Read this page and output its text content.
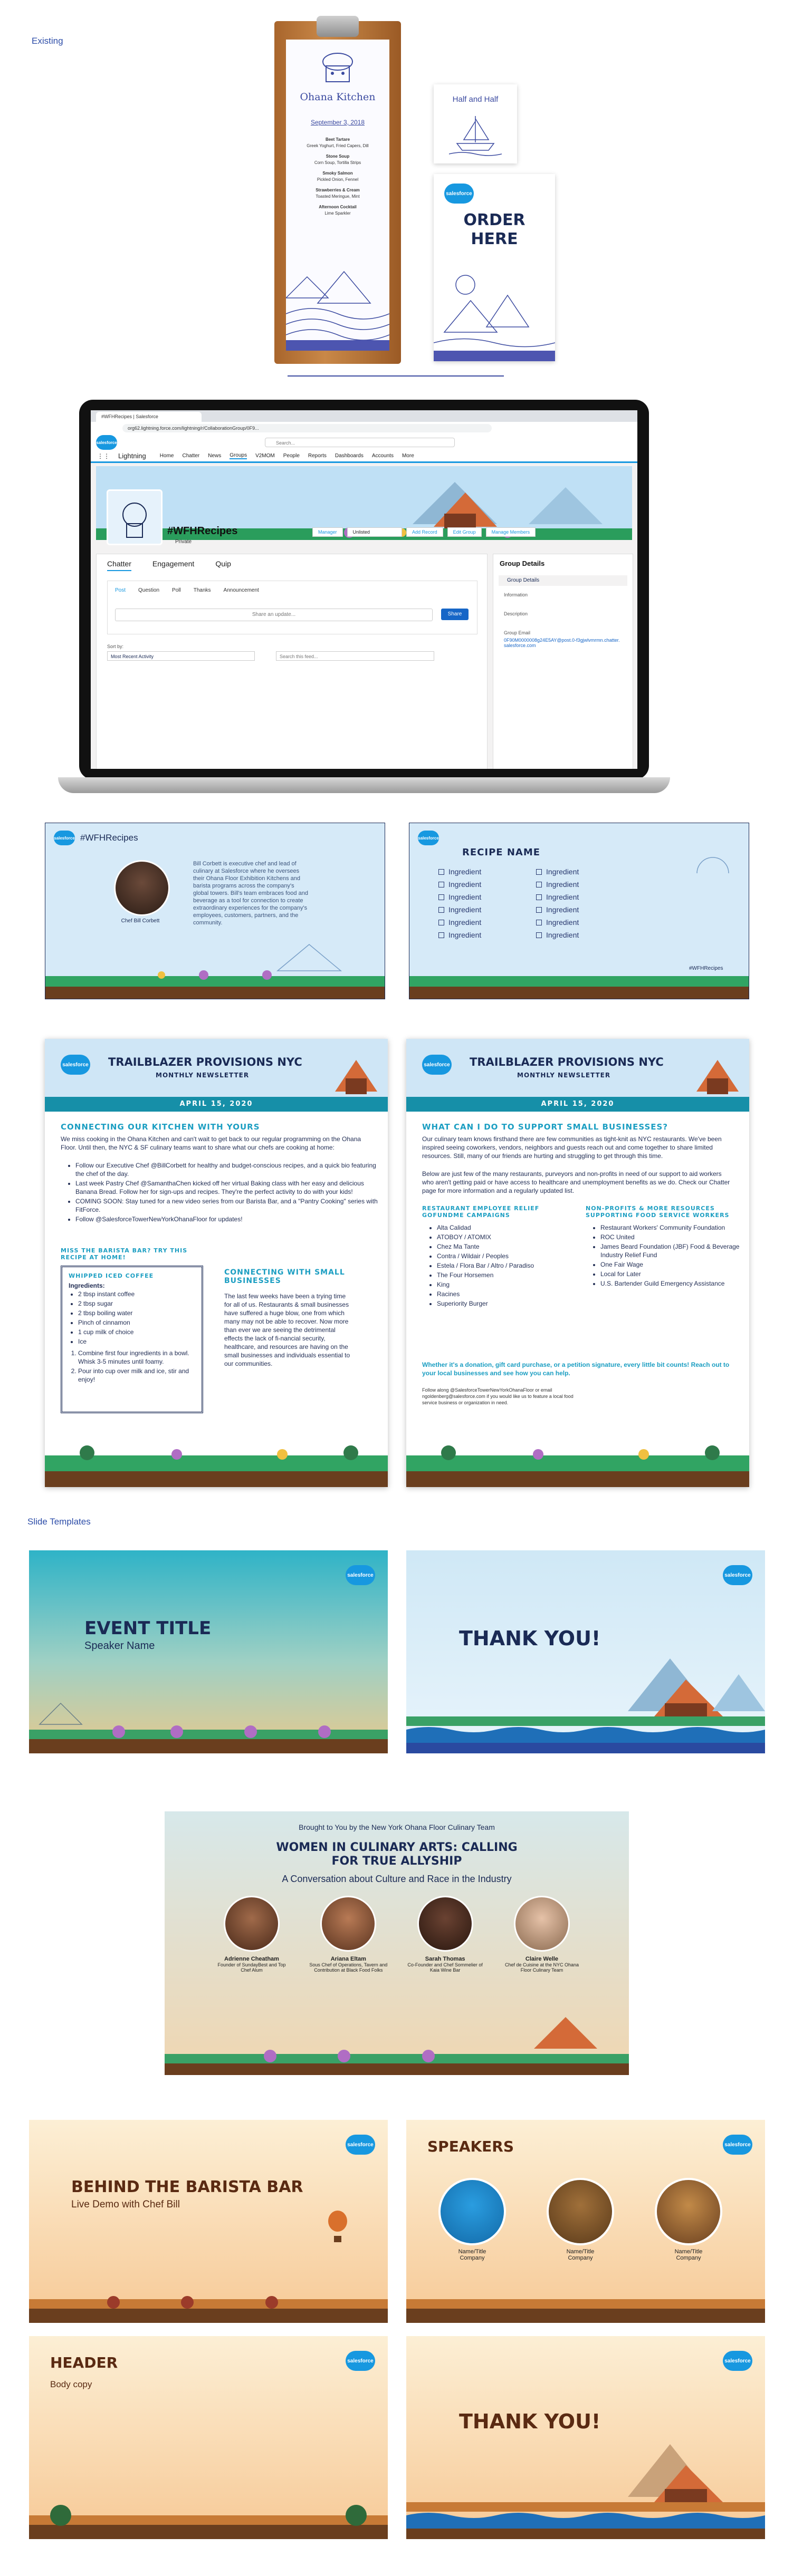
Existing
Ohana Kitchen
September 3, 2018
Beet Tartare
Greek Yoghurt, Fried Capers, Dill
Stone Soup
Corn Soup, Tortilla Strips
Smoky Salmon
Pickled Onion, Fennel
Strawberries & Cream
Toasted Meringue, Mint
Afternoon Cocktail
Lime Sparkler
Half and Half
salesforce
ORDER HERE
#WFHRecipes | Salesforce
org62.lightning.force.com/lightning/r/CollaborationGroup/0F9...
salesforce	Search...
⋮⋮ Lightning	Home Chatter News Groups V2MOM People Reports Dashboards Accounts More
#WFHRecipes
Private
Manager	Unlisted	Add Record	Edit Group	Manage Members
Chatter	Engagement	Quip
Post Question Poll Thanks Announcement
Share an update...	Share
Sort by:
Most Recent Activity	Search this feed...
Group Details
Group Details
Information
Description
Group Email
0F90M0000008g24E5AY@post.0-f3gjwlvmrmn.chatter.salesforce.com
salesforce #WFHRecipes
Chef Bill Corbett
Bill Corbett is executive chef and lead of culinary at Salesforce where he oversees their Ohana Floor Exhibition Kitchens and barista programs across the company's global towers. Bill's team embraces food and beverage as a tool for connection to create extraordinary experiences for the company's employees, customers, partners, and the community.
salesforce
RECIPE NAME
Ingredient
Ingredient
Ingredient
Ingredient
Ingredient
Ingredient
Ingredient
Ingredient
Ingredient
Ingredient
Ingredient
Ingredient
#WFHRecipes
salesforce TRAILBLAZER PROVISIONS NYC
MONTHLY NEWSLETTER
APRIL 15, 2020
CONNECTING OUR KITCHEN WITH YOURS
We miss cooking in the Ohana Kitchen and can't wait to get back to our regular programming on the Ohana Floor. Until then, the NYC & SF culinary teams want to share what our chefs are cooking at home:
• Follow our Executive Chef @BillCorbett for healthy and budget-conscious recipes, and a quick bio featuring the chef of the day.
• Last week Pastry Chef @SamanthaChen kicked off her virtual Baking class with her easy and delicious Banana Bread. Follow her for sign-ups and recipes. They're the perfect activity to do with your kids!
• COMING SOON: Stay tuned for a new video series from our Barista Bar, and a "Pantry Cooking" series with FitForce.
• Follow @SalesforceTowerNewYorkOhanaFloor for updates!
MISS THE BARISTA BAR? TRY THIS RECIPE AT HOME!
WHIPPED ICED COFFEE
Ingredients:
• 2 tbsp instant coffee
• 2 tbsp sugar
• 2 tbsp boiling water
• Pinch of cinnamon
• 1 cup milk of choice
• Ice
1. Combine first four ingredients in a bowl. Whisk 3-5 minutes until foamy.
2. Pour into cup over milk and ice, stir and enjoy!
CONNECTING WITH SMALL BUSINESSES
The last few weeks have been a trying time for all of us. Restaurants & small businesses have suffered a huge blow, one from which many may not be able to recover. Now more than ever we are seeing the detrimental effects the lack of fi-nancial security, healthcare, and resources are having on the small businesses and individuals essential to our communities.
salesforce TRAILBLAZER PROVISIONS NYC
MONTHLY NEWSLETTER
APRIL 15, 2020
WHAT CAN I DO TO SUPPORT SMALL BUSINESSES?
Our culinary team knows firsthand there are few communities as tight-knit as NYC restaurants. We've been inspired seeing coworkers, vendors, neighbors and guests reach out and come together to share limited resources. Still, many of our friends are hurting and struggling to get through this time.
Below are just few of the many restaurants, purveyors and non-profits in need of our support to aid workers who aren't getting paid or have access to healthcare and unemployment benefits as we do. Check our Chatter page for more information and a regularly updated list.
RESTAURANT EMPLOYEE RELIEF GOFUNDME CAMPAIGNS
• Alta Calidad
• ATOBOY / ATOMIX
• Chez Ma Tante
• Contra / Wildair / Peoples
• Estela / Flora Bar / Altro / Paradiso
• The Four Horsemen
• King
• Racines
• Superiority Burger
NON-PROFITS & MORE RESOURCES SUPPORTING FOOD SERVICE WORKERS
• Restaurant Workers' Community Foundation
• ROC United
• James Beard Foundation (JBF) Food & Beverage Industry Relief Fund
• One Fair Wage
• Local for Later
• U.S. Bartender Guild Emergency Assistance
Whether it's a donation, gift card purchase, or a petition signature, every little bit counts! Reach out to your local businesses and see how you can help.
Follow along @SalesforceTowerNewYorkOhanaFloor or email ngoldenberg@salesforce.com if you would like us to feature a local food service business or organization in need.
Slide Templates
salesforce
EVENT TITLE
Speaker Name
salesforce
THANK YOU!
Brought to You by the New York Ohana Floor Culinary Team
WOMEN IN CULINARY ARTS: CALLING FOR TRUE ALLYSHIP
A Conversation about Culture and Race in the Industry
Adrienne Cheatham
Founder of SundayBest and Top Chef Alum
Ariana Eltam
Sous Chef of Operations, Tavern and Contribution at Black Food Folks
Sarah Thomas
Co-Founder and Chef Sommelier of Kaia Wine Bar
Claire Welle
Chef de Cuisine at the NYC Ohana Floor Culinary Team
salesforce
BEHIND THE BARISTA BAR
Live Demo with Chef Bill
salesforce
SPEAKERS
Name/Title
Company
Name/Title
Company
Name/Title
Company
salesforce
HEADER
Body copy
salesforce
THANK YOU!
